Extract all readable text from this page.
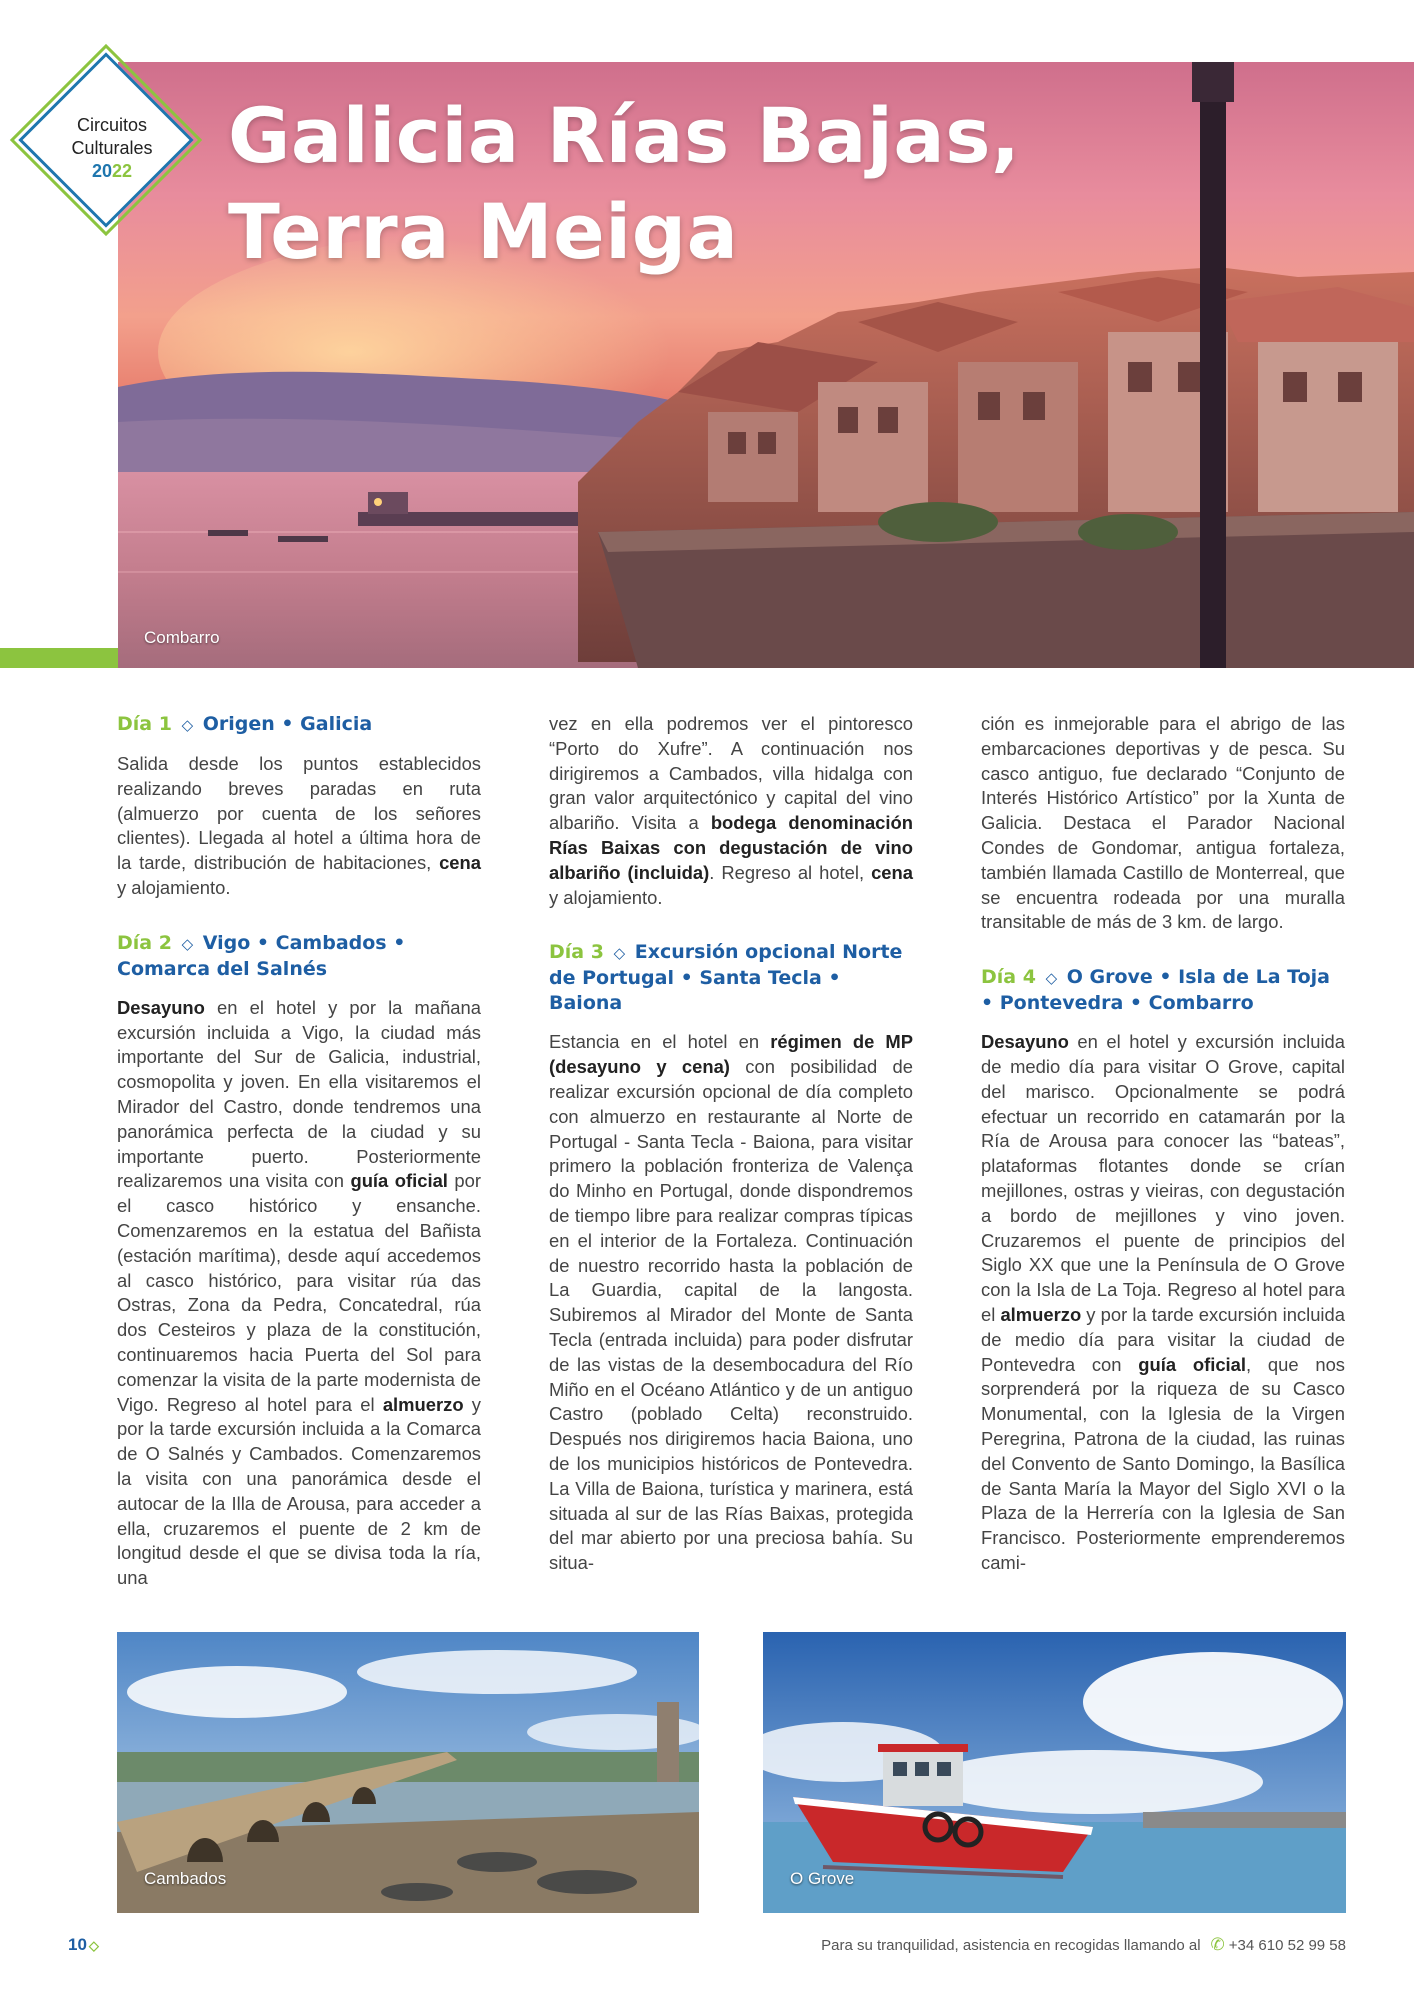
Combarro
Circuitos
Culturales
2022	Galicia Rías Bajas,
Terra Meiga
Día 1 ◇ Origen • Galicia

Salida desde los puntos establecidos realizando breves paradas en ruta (almuerzo por cuenta de los señores clientes). Llegada al hotel a última hora de la tarde, distribución de habitaciones, cena y alojamiento.

Día 2 ◇ Vigo • Cambados • Comarca del Salnés

Desayuno en el hotel y por la mañana excursión incluida a Vigo, la ciudad más importante del Sur de Galicia, industrial, cosmopolita y joven. En ella visitaremos el Mirador del Castro, donde tendremos una panorámica perfecta de la ciudad y su importante puerto. Posteriormente realizaremos una visita con guía oficial por el casco histórico y ensanche. Comenzaremos en la estatua del Bañista (estación marítima), desde aquí accedemos al casco histórico, para visitar rúa das Ostras, Zona da Pedra, Concatedral, rúa dos Cesteiros y plaza de la constitución, continuaremos hacia Puerta del Sol para comenzar la visita de la parte modernista de Vigo. Regreso al hotel para el almuerzo y por la tarde excursión incluida a la Comarca de O Salnés y Cambados. Comenzaremos la visita con una panorámica desde el autocar de la Illa de Arousa, para acceder a ella, cruzaremos el puente de 2 km de longitud desde el que se divisa toda la ría, una

vez en ella podremos ver el pintoresco “Porto do Xufre”. A continuación nos dirigiremos a Cambados, villa hidalga con gran valor arquitectónico y capital del vino albariño. Visita a bodega denominación Rías Baixas con degustación de vino albariño (incluida). Regreso al hotel, cena y alojamiento.

Día 3 ◇ Excursión opcional Norte de Portugal • Santa Tecla • Baiona

Estancia en el hotel en régimen de MP (desayuno y cena) con posibilidad de realizar excursión opcional de día completo con almuerzo en restaurante al Norte de Portugal - Santa Tecla - Baiona, para visitar primero la población fronteriza de Valença do Minho en Portugal, donde dispondremos de tiempo libre para realizar compras típicas en el interior de la Fortaleza. Continuación de nuestro recorrido hasta la población de La Guardia, capital de la langosta. Subiremos al Mirador del Monte de Santa Tecla (entrada incluida) para poder disfrutar de las vistas de la desembocadura del Río Miño en el Océano Atlántico y de un antiguo Castro (poblado Celta) reconstruido. Después nos dirigiremos hacia Baiona, uno de los municipios históricos de Pontevedra. La Villa de Baiona, turística y marinera, está situada al sur de las Rías Baixas, protegida del mar abierto por una preciosa bahía. Su situa-

ción es inmejorable para el abrigo de las embarcaciones deportivas y de pesca. Su casco antiguo, fue declarado “Conjunto de Interés Histórico Artístico” por la Xunta de Galicia. Destaca el Parador Nacional Condes de Gondomar, antigua fortaleza, también llamada Castillo de Monterreal, que se encuentra rodeada por una muralla transitable de más de 3 km. de largo.

Día 4 ◇ O Grove • Isla de La Toja • Pontevedra • Combarro

Desayuno en el hotel y excursión incluida de medio día para visitar O Grove, capital del marisco. Opcionalmente se podrá efectuar un recorrido en catamarán por la Ría de Arousa para conocer las “bateas”, plataformas flotantes donde se crían mejillones, ostras y vieiras, con degustación a bordo de mejillones y vino joven. Cruzaremos el puente de principios del Siglo XX que une la Península de O Grove con la Isla de La Toja. Regreso al hotel para el almuerzo y por la tarde excursión incluida de medio día para visitar la ciudad de Pontevedra con guía oficial, que nos sorprenderá por la riqueza de su Casco Monumental, con la Iglesia de la Virgen Peregrina, Patrona de la ciudad, las ruinas del Convento de Santo Domingo, la Basílica de Santa María la Mayor del Siglo XVI o la Plaza de la Herrería con la Iglesia de San Francisco. Posteriormente emprenderemos cami-

Cambados	O Grove
10 ◇	Para su tranquilidad, asistencia en recogidas llamando al ✆ +34 610 52 99 58
